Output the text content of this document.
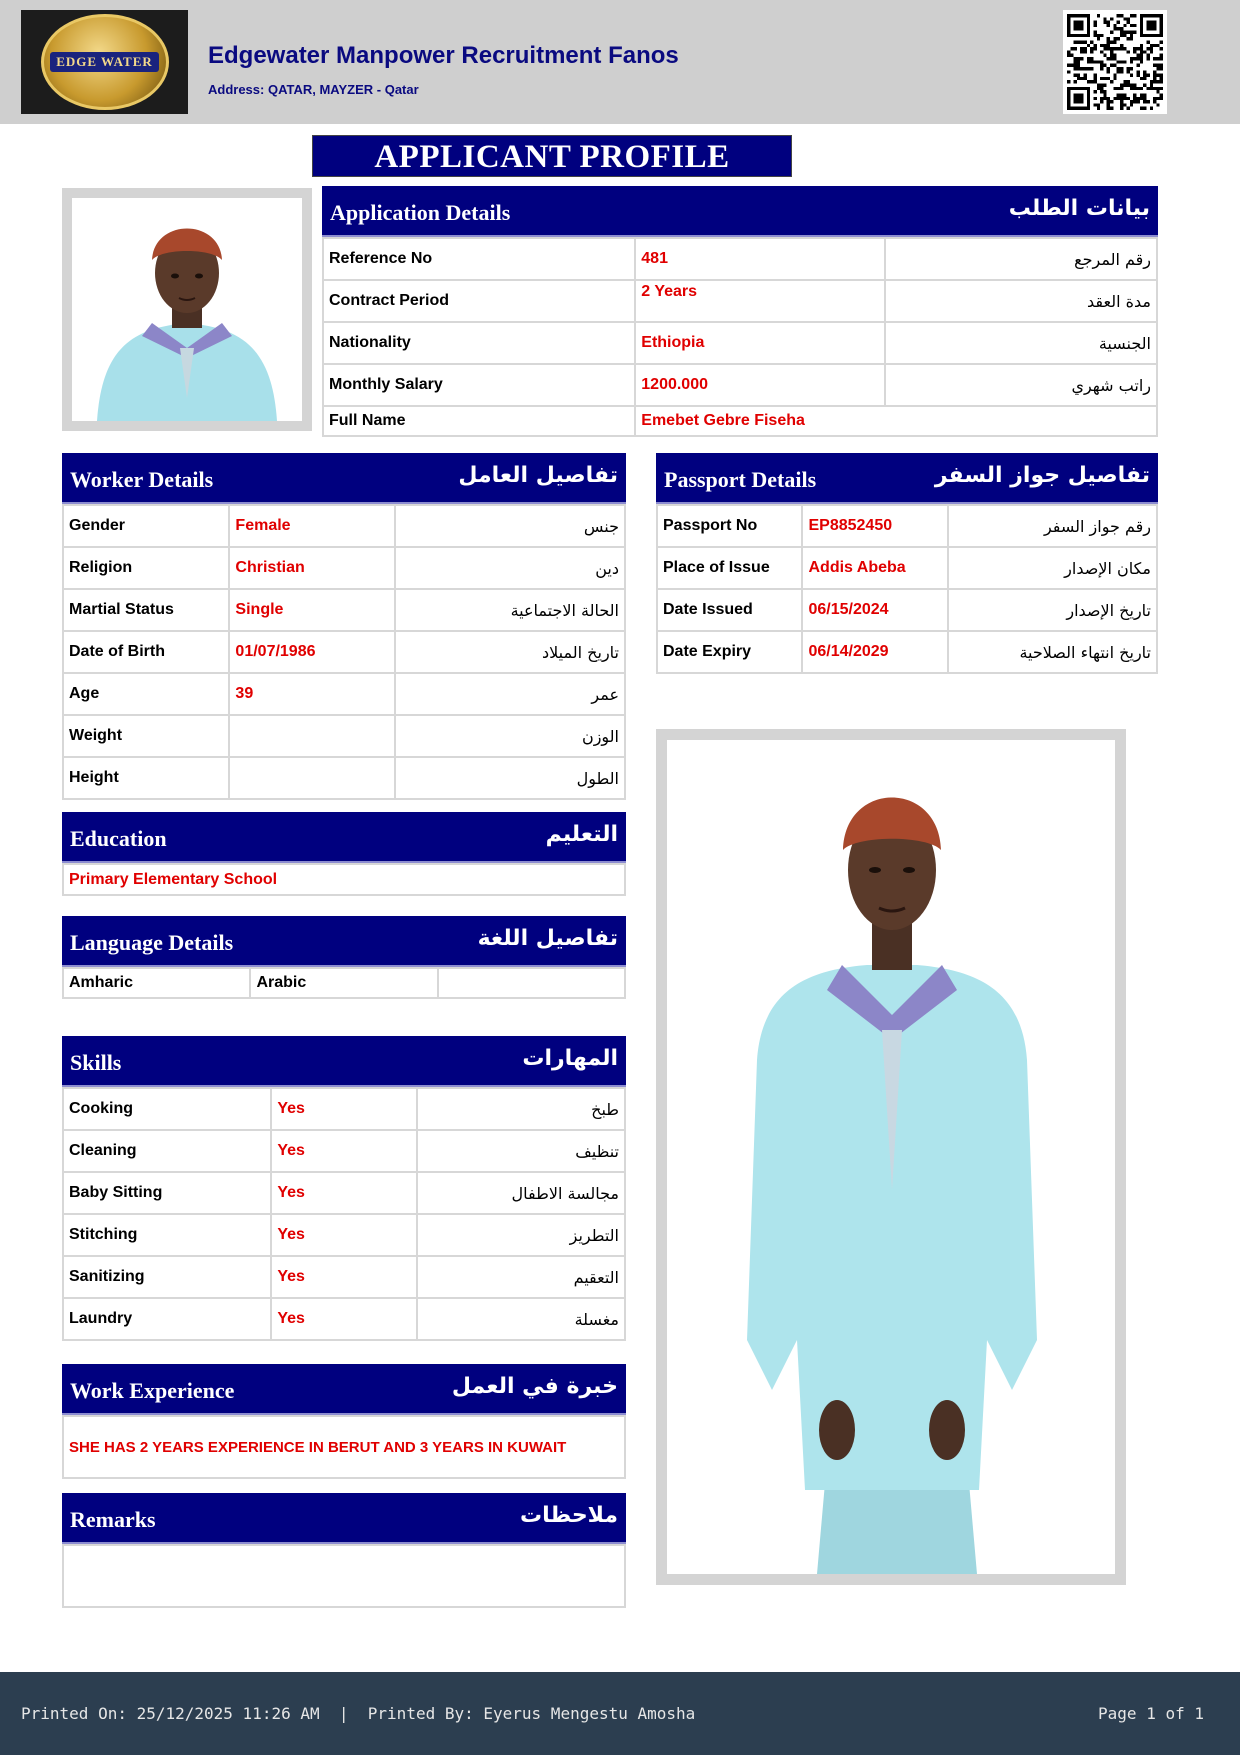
EDGE WATER Edgewater Manpower Recruitment Fanos
Address: QATAR, MAYZER - Qatar
APPLICANT PROFILE
Application Details	بيانات الطلب
Reference No	481	رقم المرجع
Contract Period	2 Years	مدة العقد
Nationality	Ethiopia	الجنسية
Monthly Salary	1200.000	راتب شهري
Full Name	Emebet Gebre Fiseha	
Worker Details	تفاصيل العامل
Gender	Female	جنس
Religion	Christian	دين
Martial Status	Single	الحالة الاجتماعية
Date of Birth	01/07/1986	تاريخ الميلاد
Age	39	عمر
Weight		الوزن
Height		الطول
Passport Details	تفاصيل جواز السفر
Passport No	EP8852450	رقم جواز السفر
Place of Issue	Addis Abeba	مكان الإصدار
Date Issued	06/15/2024	تاريخ الإصدار
Date Expiry	06/14/2029	تاريخ انتهاء الصلاحية
Education	التعليم
Primary Elementary School
Language Details	تفاصيل اللغة
Amharic	Arabic	
Skills	المهارات
Cooking	Yes	طبخ
Cleaning	Yes	تنظيف
Baby Sitting	Yes	مجالسة الاطفال
Stitching	Yes	التطريز
Sanitizing	Yes	التعقيم
Laundry	Yes	مغسلة
Work Experience	خبرة في العمل
SHE HAS 2 YEARS EXPERIENCE IN BERUT AND 3 YEARS IN KUWAIT
Remarks	ملاحظات
Printed On: 25/12/2025 11:26 AM  |  Printed By: Eyerus Mengestu Amosha	Page 1 of 1
